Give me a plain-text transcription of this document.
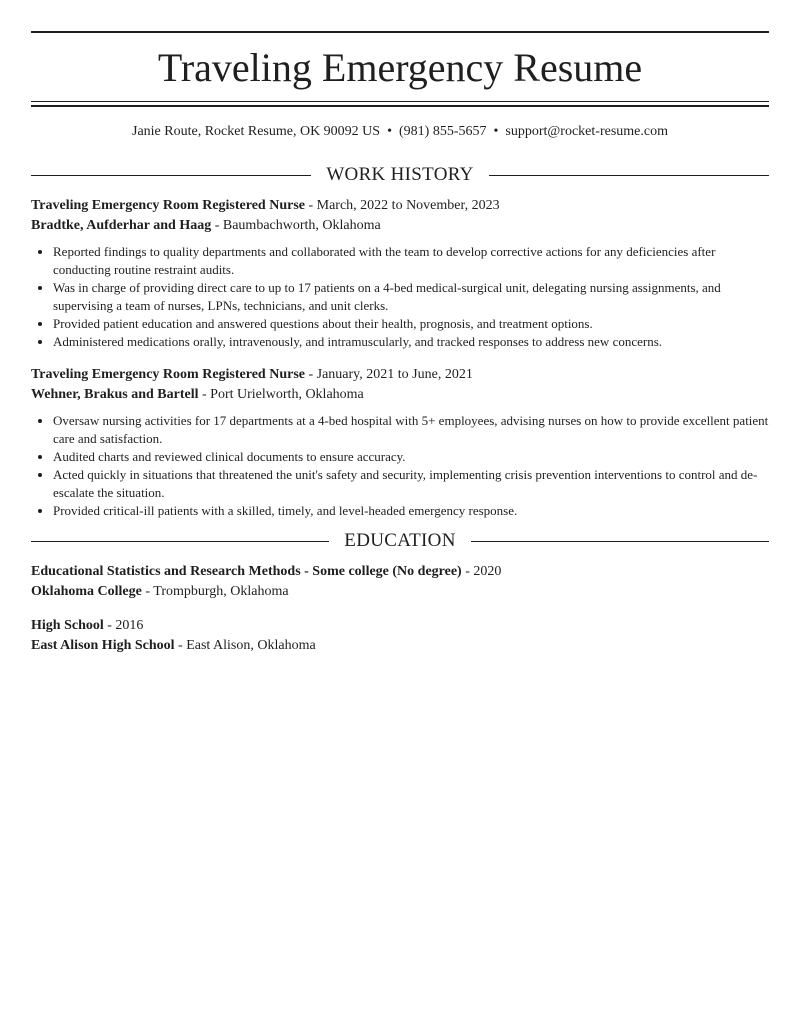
Traveling Emergency Resume
Janie Route, Rocket Resume, OK 90092 US • (981) 855-5657 • support@rocket-resume.com
WORK HISTORY

Traveling Emergency Room Registered Nurse - March, 2022 to November, 2023

Bradtke, Aufderhar and Haag - Baumbachworth, Oklahoma

• Reported findings to quality departments and collaborated with the team to develop corrective actions for any deficiencies after conducting routine restraint audits.
• Was in charge of providing direct care to up to 17 patients on a 4-bed medical-surgical unit, delegating nursing assignments, and supervising a team of nurses, LPNs, technicians, and unit clerks.
• Provided patient education and answered questions about their health, prognosis, and treatment options.
• Administered medications orally, intravenously, and intramuscularly, and tracked responses to address new concerns.

Traveling Emergency Room Registered Nurse - January, 2021 to June, 2021

Wehner, Brakus and Bartell - Port Urielworth, Oklahoma

• Oversaw nursing activities for 17 departments at a 4-bed hospital with 5+ employees, advising nurses on how to provide excellent patient care and satisfaction.
• Audited charts and reviewed clinical documents to ensure accuracy.
• Acted quickly in situations that threatened the unit's safety and security, implementing crisis prevention interventions to control and de-escalate the situation.
• Provided critical-ill patients with a skilled, timely, and level-headed emergency response.
EDUCATION

Educational Statistics and Research Methods - Some college (No degree) - 2020

Oklahoma College - Trompburgh, Oklahoma

High School - 2016

East Alison High School - East Alison, Oklahoma
